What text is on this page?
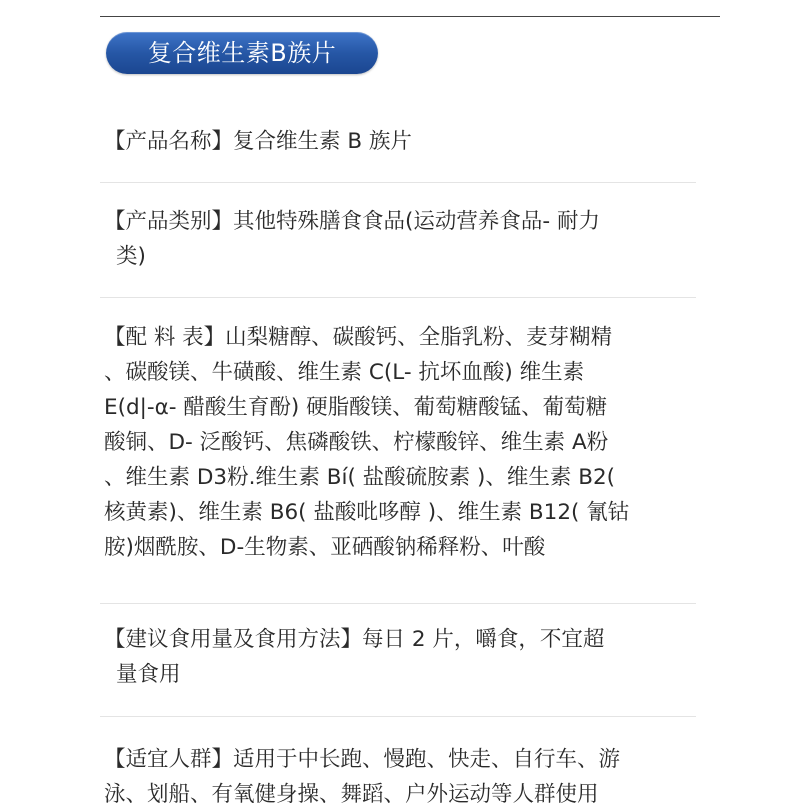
复合维生素B族片
【产品名称】复合维生素 B 族片
【产品类别】其他特殊膳食食品(运动营养食品- 耐力
类)
【配 料 表】山梨糖醇、碳酸钙、全脂乳粉、麦芽糊精
、碳酸镁、牛磺酸、维生素 C(L- 抗坏血酸) 维生素
E(d|-α- 醋酸生育酚) 硬脂酸镁、葡萄糖酸锰、葡萄糖
酸铜、D- 泛酸钙、焦磷酸铁、柠檬酸锌、维生素 A粉
、维生素 D3粉.维生素 Bí( 盐酸硫胺素 )、维生素 B2(
核黄素)、维生素 B6( 盐酸吡哆醇 )、维生素 B12( 氰钴
胺)烟酰胺、D-生物素、亚硒酸钠稀释粉、叶酸
【建议食用量及食用方法】每日 2 片，嚼食，不宜超
量食用
【适宜人群】适用于中长跑、慢跑、快走、自行车、游
泳、划船、有氧健身操、舞蹈、户外运动等人群使用
